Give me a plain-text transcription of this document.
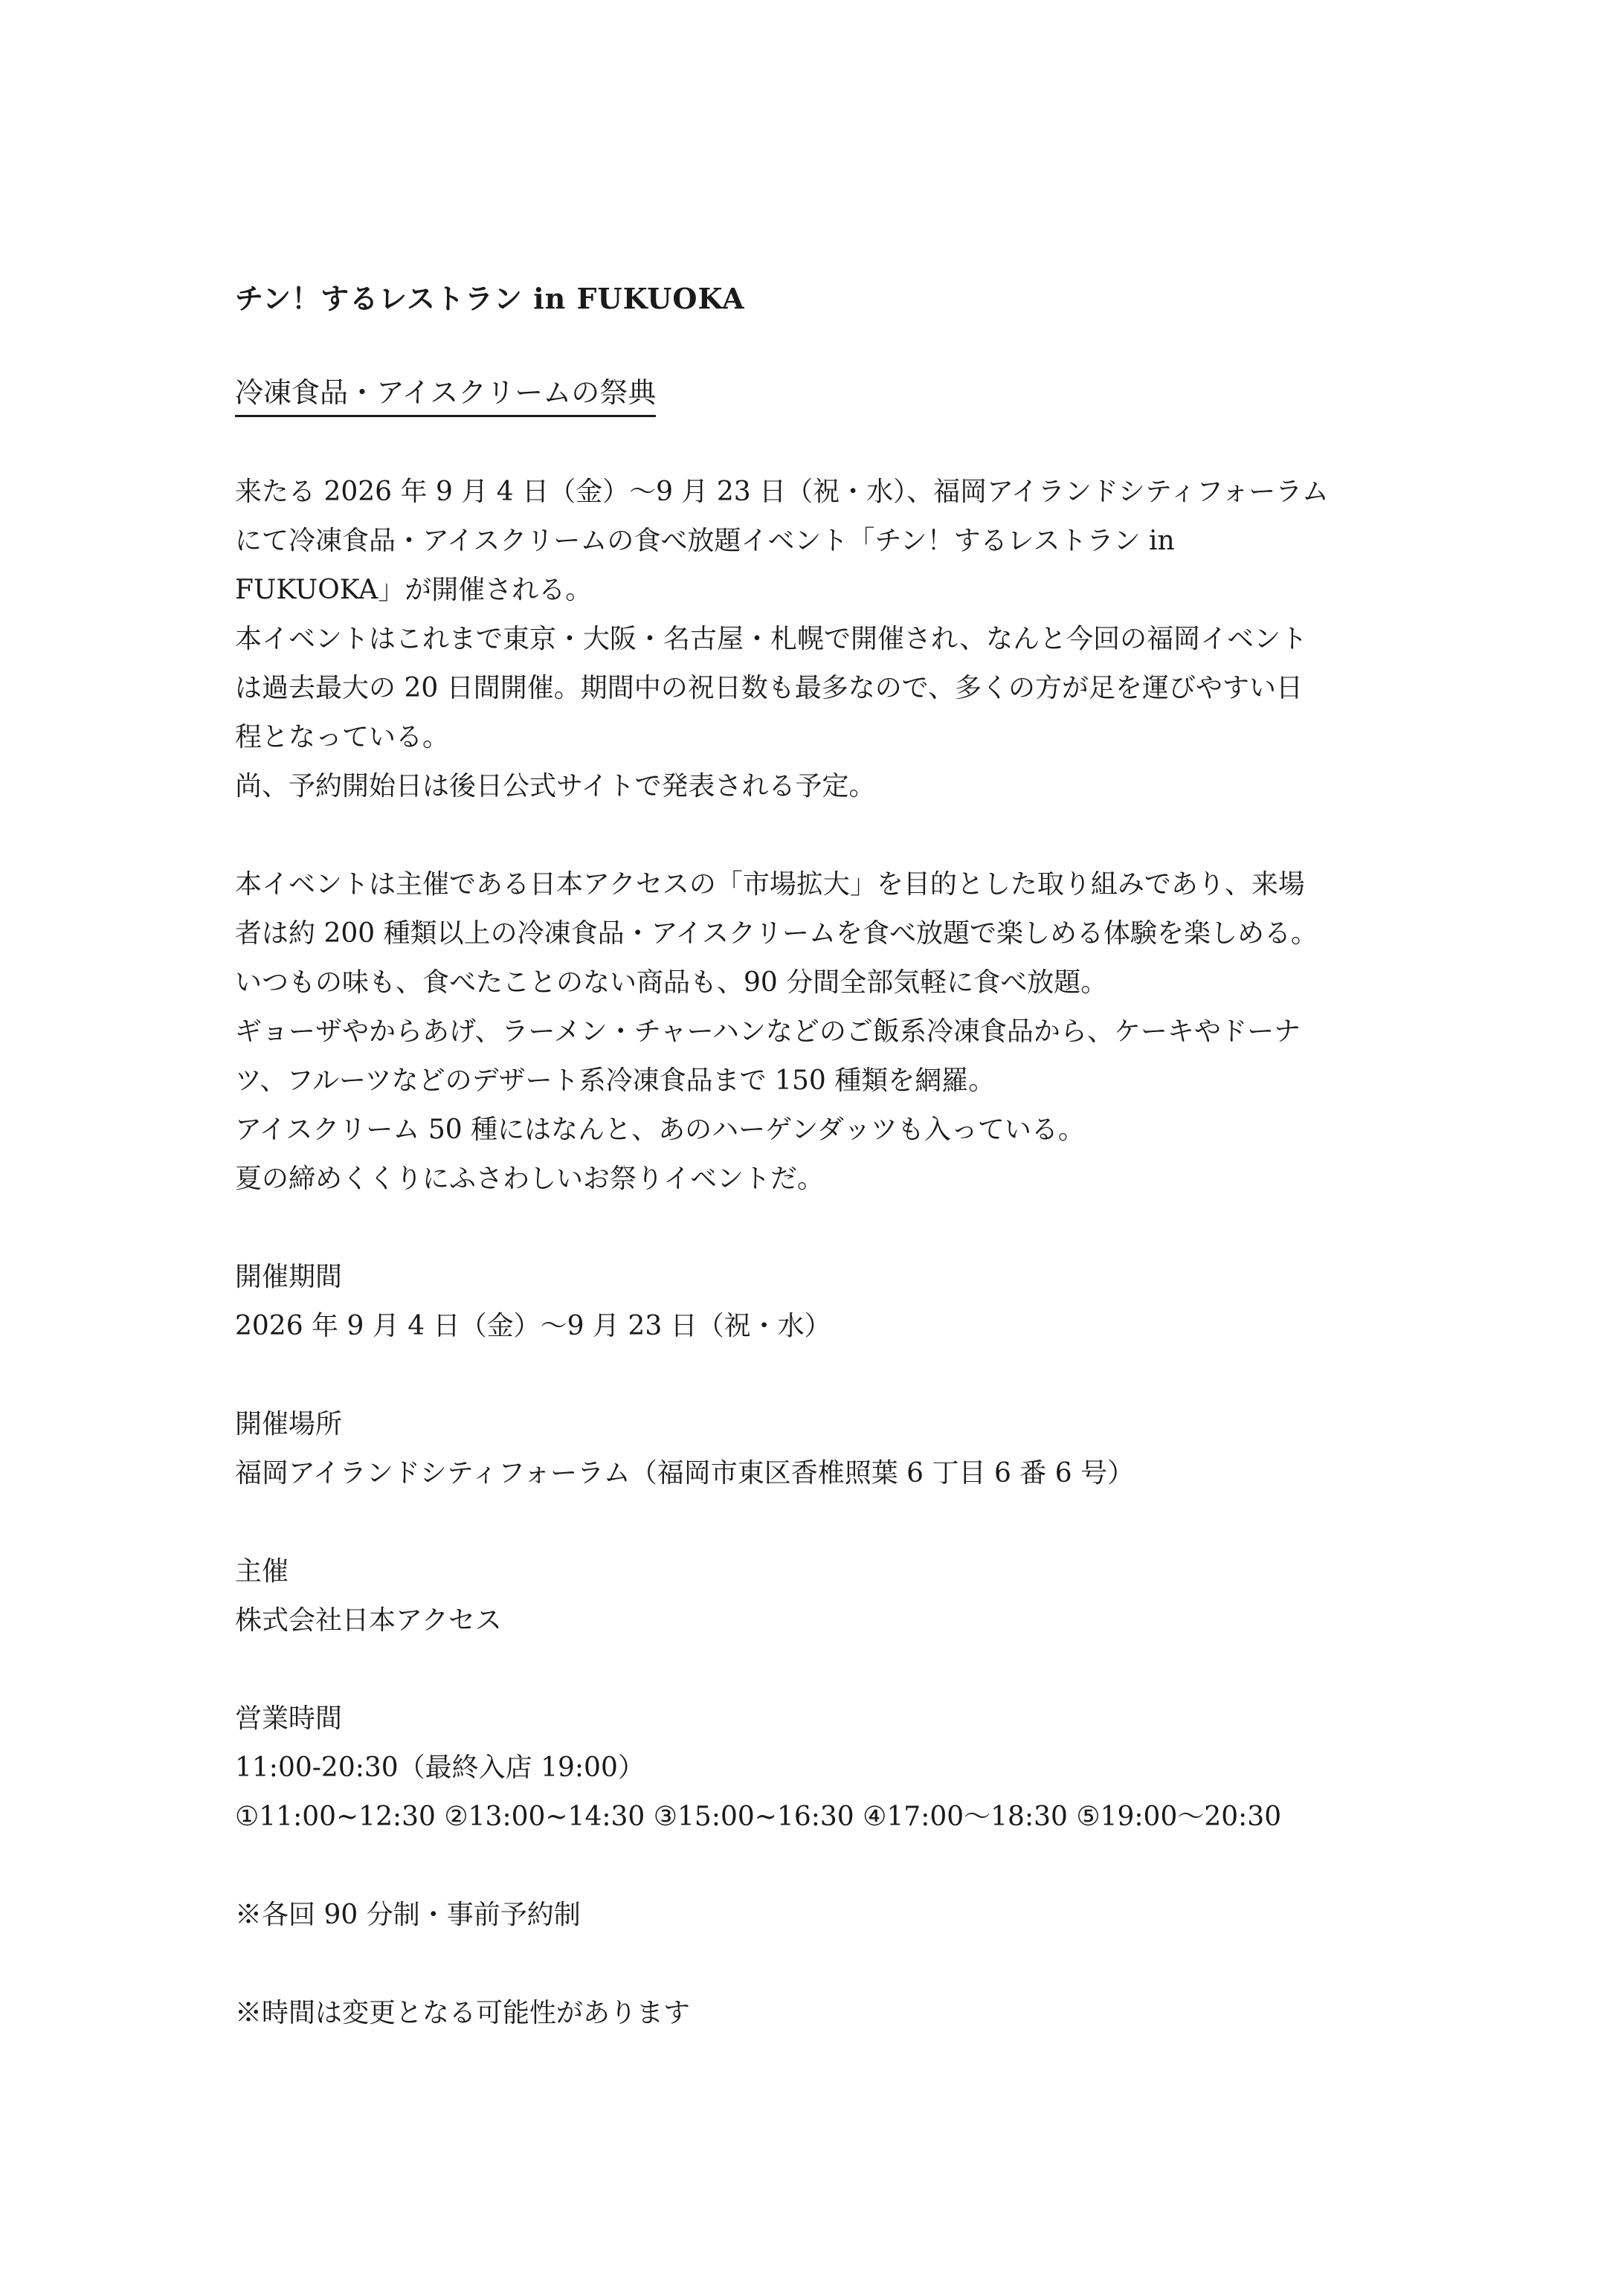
チン！するレストラン in FUKUOKA

冷凍食品・アイスクリームの祭典

来たる 2026 年 9 月 4 日（金）〜9 月 23 日（祝・水）、福岡アイランドシティフォーラム
にて冷凍食品・アイスクリームの食べ放題イベント「チン！するレストラン in
FUKUOKA」が開催される。
本イベントはこれまで東京・大阪・名古屋・札幌で開催され、なんと今回の福岡イベント
は過去最大の 20 日間開催。期間中の祝日数も最多なので、多くの方が足を運びやすい日
程となっている。
尚、予約開始日は後日公式サイトで発表される予定。

本イベントは主催である日本アクセスの「市場拡大」を目的とした取り組みであり、来場
者は約 200 種類以上の冷凍食品・アイスクリームを食べ放題で楽しめる体験を楽しめる。
いつもの味も、食べたことのない商品も、90 分間全部気軽に食べ放題。
ギョーザやからあげ、ラーメン・チャーハンなどのご飯系冷凍食品から、ケーキやドーナ
ツ、フルーツなどのデザート系冷凍食品まで 150 種類を網羅。
アイスクリーム 50 種にはなんと、あのハーゲンダッツも入っている。
夏の締めくくりにふさわしいお祭りイベントだ。

開催期間
2026 年 9 月 4 日（金）〜9 月 23 日（祝・水）

開催場所
福岡アイランドシティフォーラム（福岡市東区香椎照葉 6 丁目 6 番 6 号）

主催
株式会社日本アクセス

営業時間
11:00-20:30（最終入店 19:00）
①11:00~12:30 ②13:00~14:30 ③15:00~16:30 ④17:00〜18:30 ⑤19:00〜20:30

※各回 90 分制・事前予約制

※時間は変更となる可能性があります
